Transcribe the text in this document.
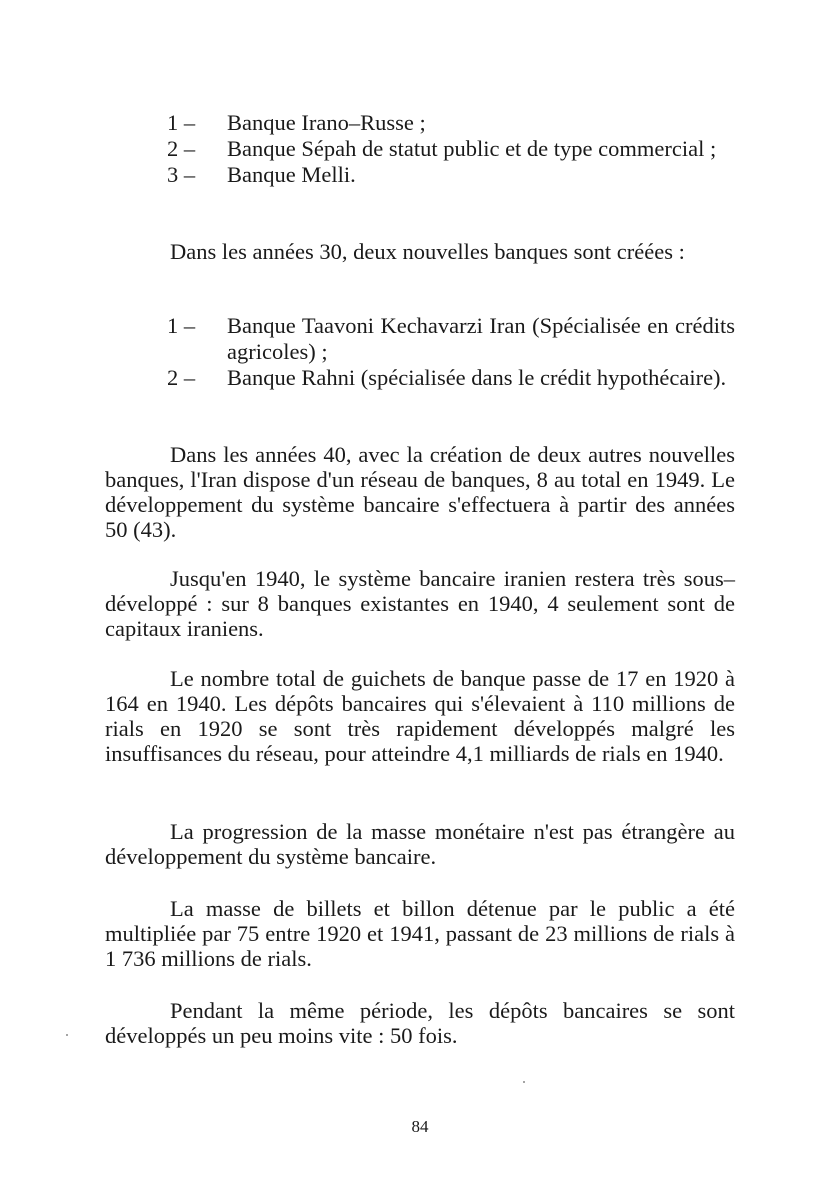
1 –	Banque Irano–Russe ;
2 –	Banque Sépah de statut public et de type commercial ;
3 –	Banque Melli.
Dans les années 30, deux nouvelles banques sont créées :
1 –	Banque Taavoni Kechavarzi Iran (Spécialisée en crédits agricoles) ;
2 –	Banque Rahni (spécialisée dans le crédit hypothécaire).
Dans les années 40, avec la création de deux autres nouvelles banques, l'Iran dispose d'un réseau de banques, 8 au total en 1949. Le développement du système bancaire s'effectuera à partir des années 50 (43).
Jusqu'en 1940, le système bancaire iranien restera très sous–développé : sur 8 banques existantes en 1940, 4 seulement sont de capitaux iraniens.
Le nombre total de guichets de banque passe de 17 en 1920 à 164 en 1940. Les dépôts bancaires qui s'élevaient à 110 millions de rials en 1920 se sont très rapidement développés malgré les insuffisances du réseau, pour atteindre 4,1 milliards de rials en 1940.
La progression de la masse monétaire n'est pas étrangère au développement du système bancaire.
La masse de billets et billon détenue par le public a été multipliée par 75 entre 1920 et 1941, passant de 23 millions de rials à 1 736 millions de rials.
Pendant la même période, les dépôts bancaires se sont développés un peu moins vite : 50 fois.
84
